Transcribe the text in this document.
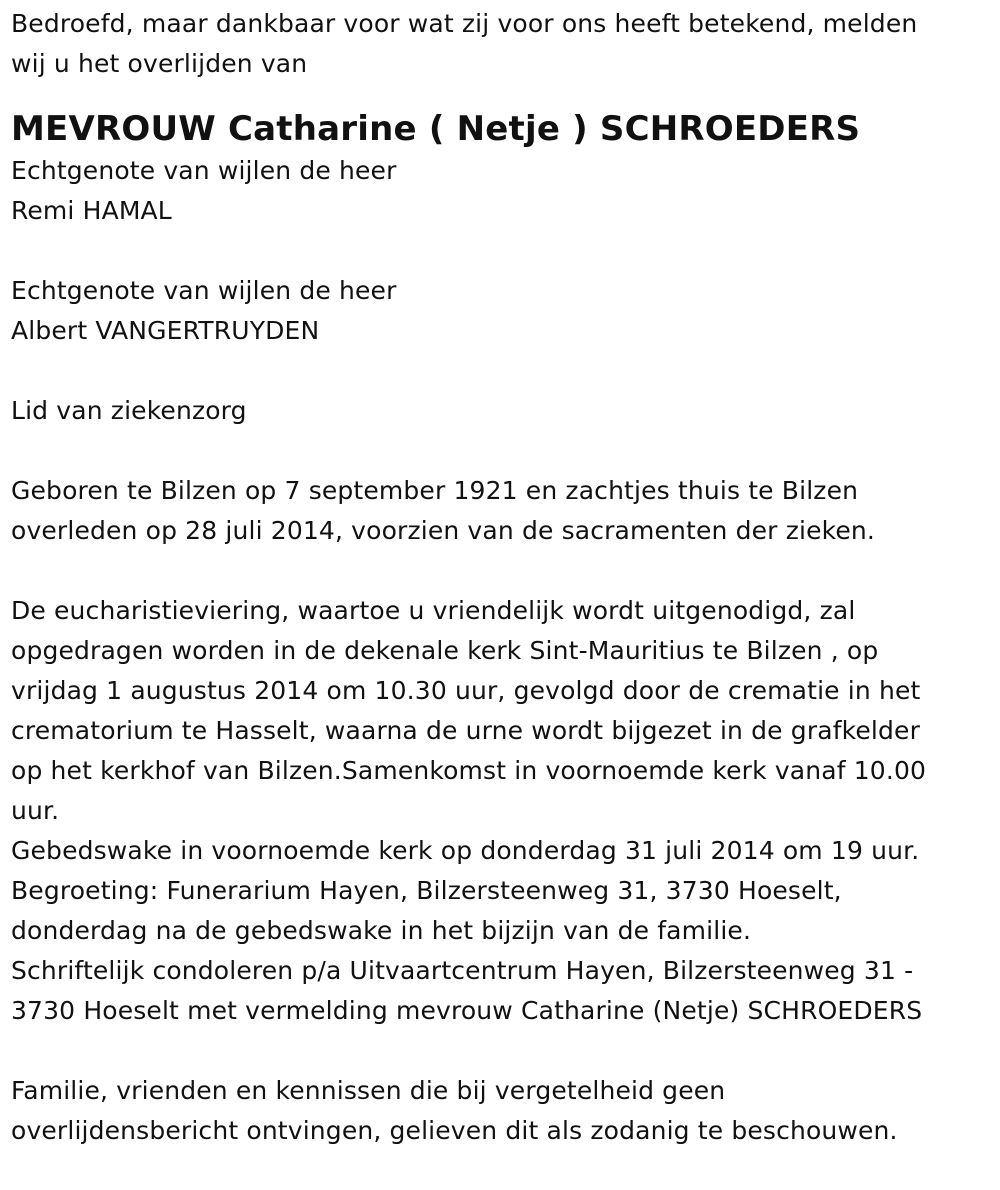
Bedroefd, maar dankbaar voor wat zij voor ons heeft betekend, melden
wij u het overlijden van
MEVROUW Catharine ( Netje ) SCHROEDERS
Echtgenote van wijlen de heer
Remi HAMAL
Echtgenote van wijlen de heer
Albert VANGERTRUYDEN
Lid van ziekenzorg
Geboren te Bilzen op 7 september 1921 en zachtjes thuis te Bilzen
overleden op 28 juli 2014, voorzien van de sacramenten der zieken.
De eucharistieviering, waartoe u vriendelijk wordt uitgenodigd, zal
opgedragen worden in de dekenale kerk Sint-Mauritius te Bilzen , op
vrijdag 1 augustus 2014 om 10.30 uur, gevolgd door de crematie in het
crematorium te Hasselt, waarna de urne wordt bijgezet in de grafkelder
op het kerkhof van Bilzen.Samenkomst in voornoemde kerk vanaf 10.00
uur.
Gebedswake in voornoemde kerk op donderdag 31 juli 2014 om 19 uur.
Begroeting: Funerarium Hayen, Bilzersteenweg 31, 3730 Hoeselt,
donderdag na de gebedswake in het bijzijn van de familie.
Schriftelijk condoleren p/a Uitvaartcentrum Hayen, Bilzersteenweg 31 -
3730 Hoeselt met vermelding mevrouw Catharine (Netje) SCHROEDERS
Familie, vrienden en kennissen die bij vergetelheid geen
overlijdensbericht ontvingen, gelieven dit als zodanig te beschouwen.
